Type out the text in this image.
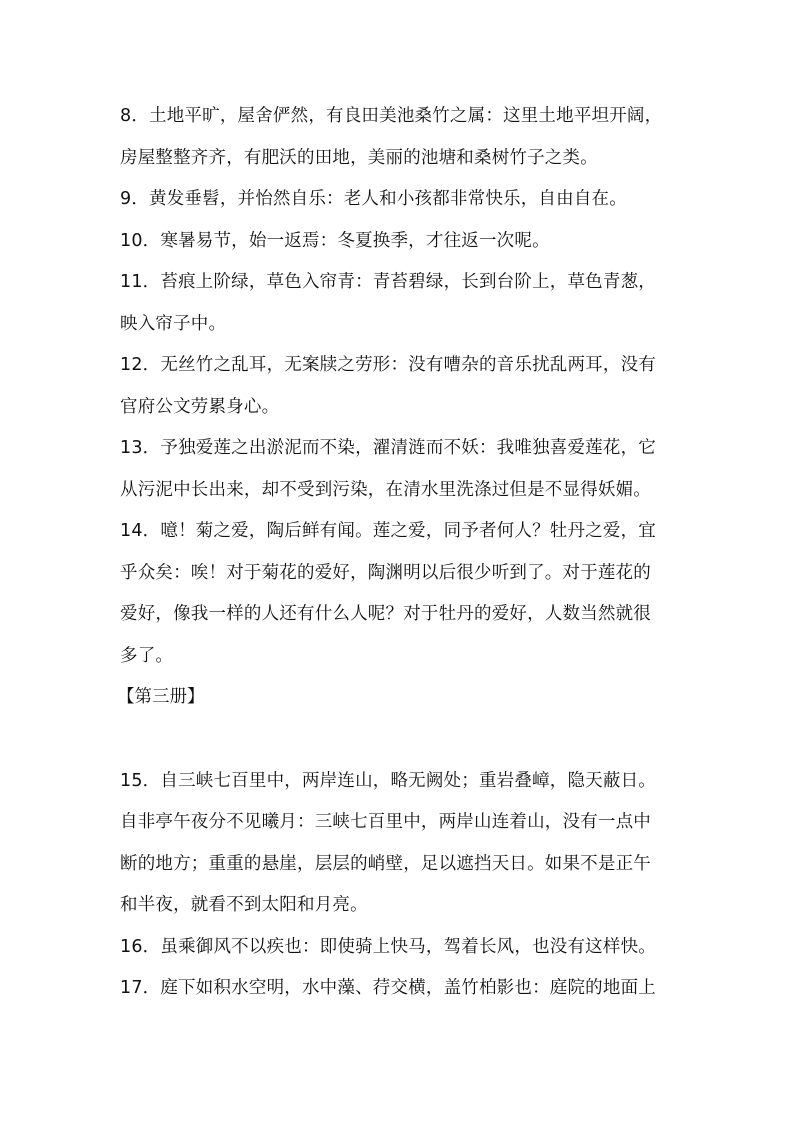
8．土地平旷，屋舍俨然，有良田美池桑竹之属：这里土地平坦开阔，
房屋整整齐齐，有肥沃的田地，美丽的池塘和桑树竹子之类。
9．黄发垂髫，并怡然自乐：老人和小孩都非常快乐，自由自在。
10．寒暑易节，始一返焉：冬夏换季，才往返一次呢。
11．苔痕上阶绿，草色入帘青：青苔碧绿，长到台阶上，草色青葱，
映入帘子中。
12．无丝竹之乱耳，无案牍之劳形：没有嘈杂的音乐扰乱两耳，没有
官府公文劳累身心。
13．予独爱莲之出淤泥而不染，濯清涟而不妖：我唯独喜爱莲花，它
从污泥中长出来，却不受到污染，在清水里洗涤过但是不显得妖媚。
14．噫！菊之爱，陶后鲜有闻。莲之爱，同予者何人？牡丹之爱，宜
乎众矣：唉！对于菊花的爱好，陶渊明以后很少听到了。对于莲花的
爱好，像我一样的人还有什么人呢？对于牡丹的爱好，人数当然就很
多了。
【第三册】
15．自三峡七百里中，两岸连山，略无阙处；重岩叠嶂，隐天蔽日。
自非亭午夜分不见曦月：三峡七百里中，两岸山连着山，没有一点中
断的地方；重重的悬崖，层层的峭壁，足以遮挡天日。如果不是正午
和半夜，就看不到太阳和月亮。
16．虽乘御风不以疾也：即使骑上快马，驾着长风，也没有这样快。
17．庭下如积水空明，水中藻、荇交横，盖竹柏影也：庭院的地面上
